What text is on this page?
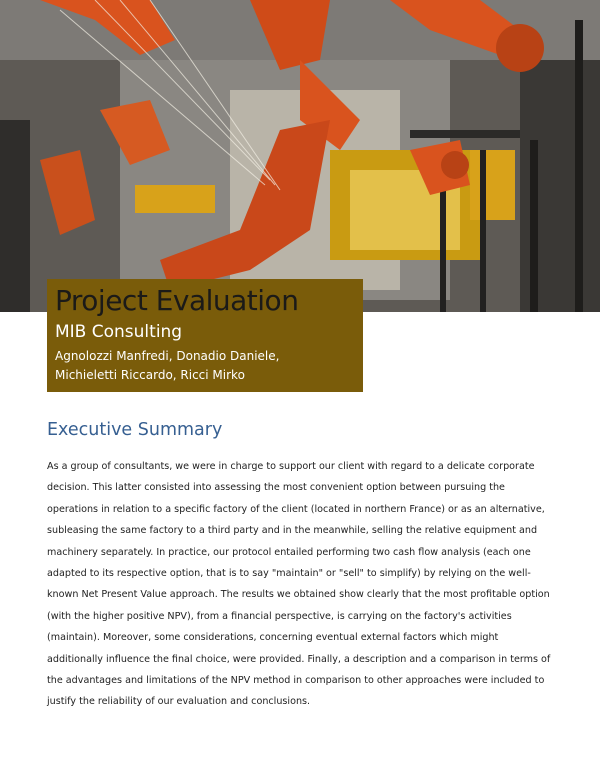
Project Evaluation
MIB Consulting
Agnolozzi Manfredi, Donadio Daniele,
Michieletti Riccardo, Ricci Mirko
Executive Summary
As a group of consultants, we were in charge to support our client with regard to a delicate corporate decision. This latter consisted into assessing the most convenient option between pursuing the operations in relation to a specific factory of the client (located in northern France) or as an alternative, subleasing the same factory to a third party and in the meanwhile, selling the relative equipment and machinery separately. In practice, our protocol entailed performing two cash flow analysis (each one adapted to its respective option, that is to say "maintain" or "sell" to simplify) by relying on the well-known Net Present Value approach. The results we obtained show clearly that the most profitable option (with the higher positive NPV), from a financial perspective, is carrying on the factory's activities (maintain). Moreover, some considerations, concerning eventual external factors which might additionally influence the final choice, were provided. Finally, a description and a comparison in terms of the advantages and limitations of the NPV method in comparison to other approaches were included to justify the reliability of our evaluation and conclusions.
